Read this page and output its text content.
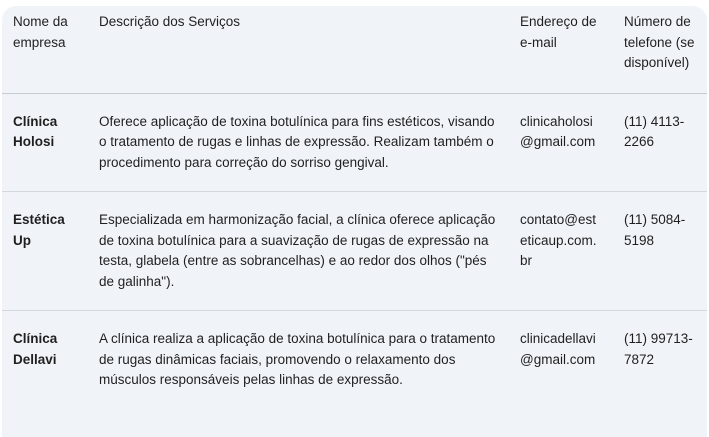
Nome da empresa	Descrição dos Serviços	Endereço de e-mail	Número de telefone (se disponível)
Clínica Holosi	Oferece aplicação de toxina botulínica para fins estéticos, visando o tratamento de rugas e linhas de expressão. Realizam também o procedimento para correção do sorriso gengival.	clinicaholosi@gmail.com	(11) 4113-2266
Estética Up	Especializada em harmonização facial, a clínica oferece aplicação de toxina botulínica para a suavização de rugas de expressão na testa, glabela (entre as sobrancelhas) e ao redor dos olhos ("pés de galinha").	contato@esteticaup.com.br	(11) 5084-5198
Clínica Dellavi	A clínica realiza a aplicação de toxina botulínica para o tratamento de rugas dinâmicas faciais, promovendo o relaxamento dos músculos responsáveis pelas linhas de expressão.	clinicadellavi@gmail.com	(11) 99713-7872
